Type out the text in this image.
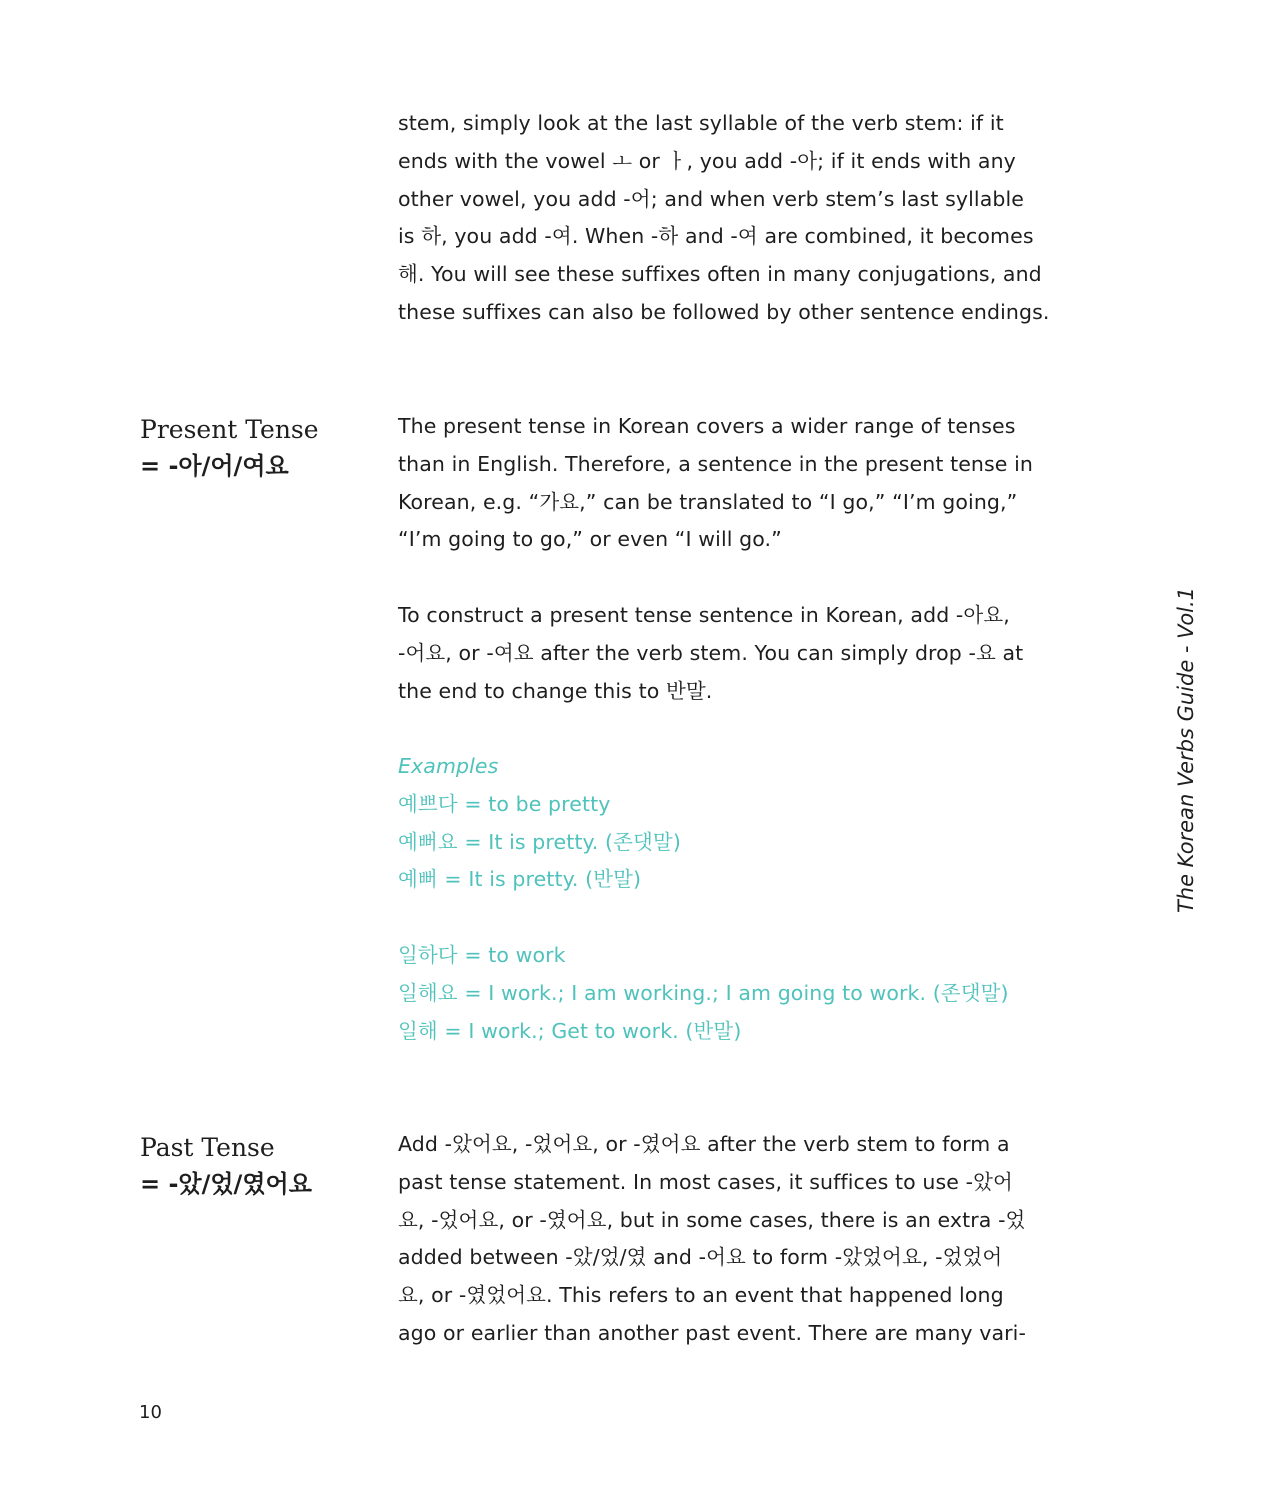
stem, simply look at the last syllable of the verb stem: if it
ends with the vowel ㅗ or ㅏ, you add -아; if it ends with any
other vowel, you add -어; and when verb stem’s last syllable
is 하, you add -여. When -하 and -여 are combined, it becomes
해. You will see these suffixes often in many conjugations, and
these suffixes can also be followed by other sentence endings.
Present Tense
= -아/어/여요
The present tense in Korean covers a wider range of tenses
than in English. Therefore, a sentence in the present tense in
Korean, e.g. “가요,” can be translated to “I go,” “I’m going,”
“I’m going to go,” or even “I will go.”
To construct a present tense sentence in Korean, add -아요,
-어요, or -여요 after the verb stem. You can simply drop -요 at
the end to change this to 반말.
Examples
예쁘다 = to be pretty
예뻐요 = It is pretty. (존댓말)
예뻐 = It is pretty. (반말)
일하다 = to work
일해요 = I work.; I am working.; I am going to work. (존댓말)
일해 = I work.; Get to work. (반말)
Past Tense
= -았/었/였어요
Add -았어요, -었어요, or -였어요 after the verb stem to form a
past tense statement. In most cases, it suffices to use -았어
요, -었어요, or -였어요, but in some cases, there is an extra -었
added between -았/었/였 and -어요 to form -았었어요, -었었어
요, or -였었어요. This refers to an event that happened long
ago or earlier than another past event. There are many vari-
The Korean Verbs Guide - Vol.1
10
